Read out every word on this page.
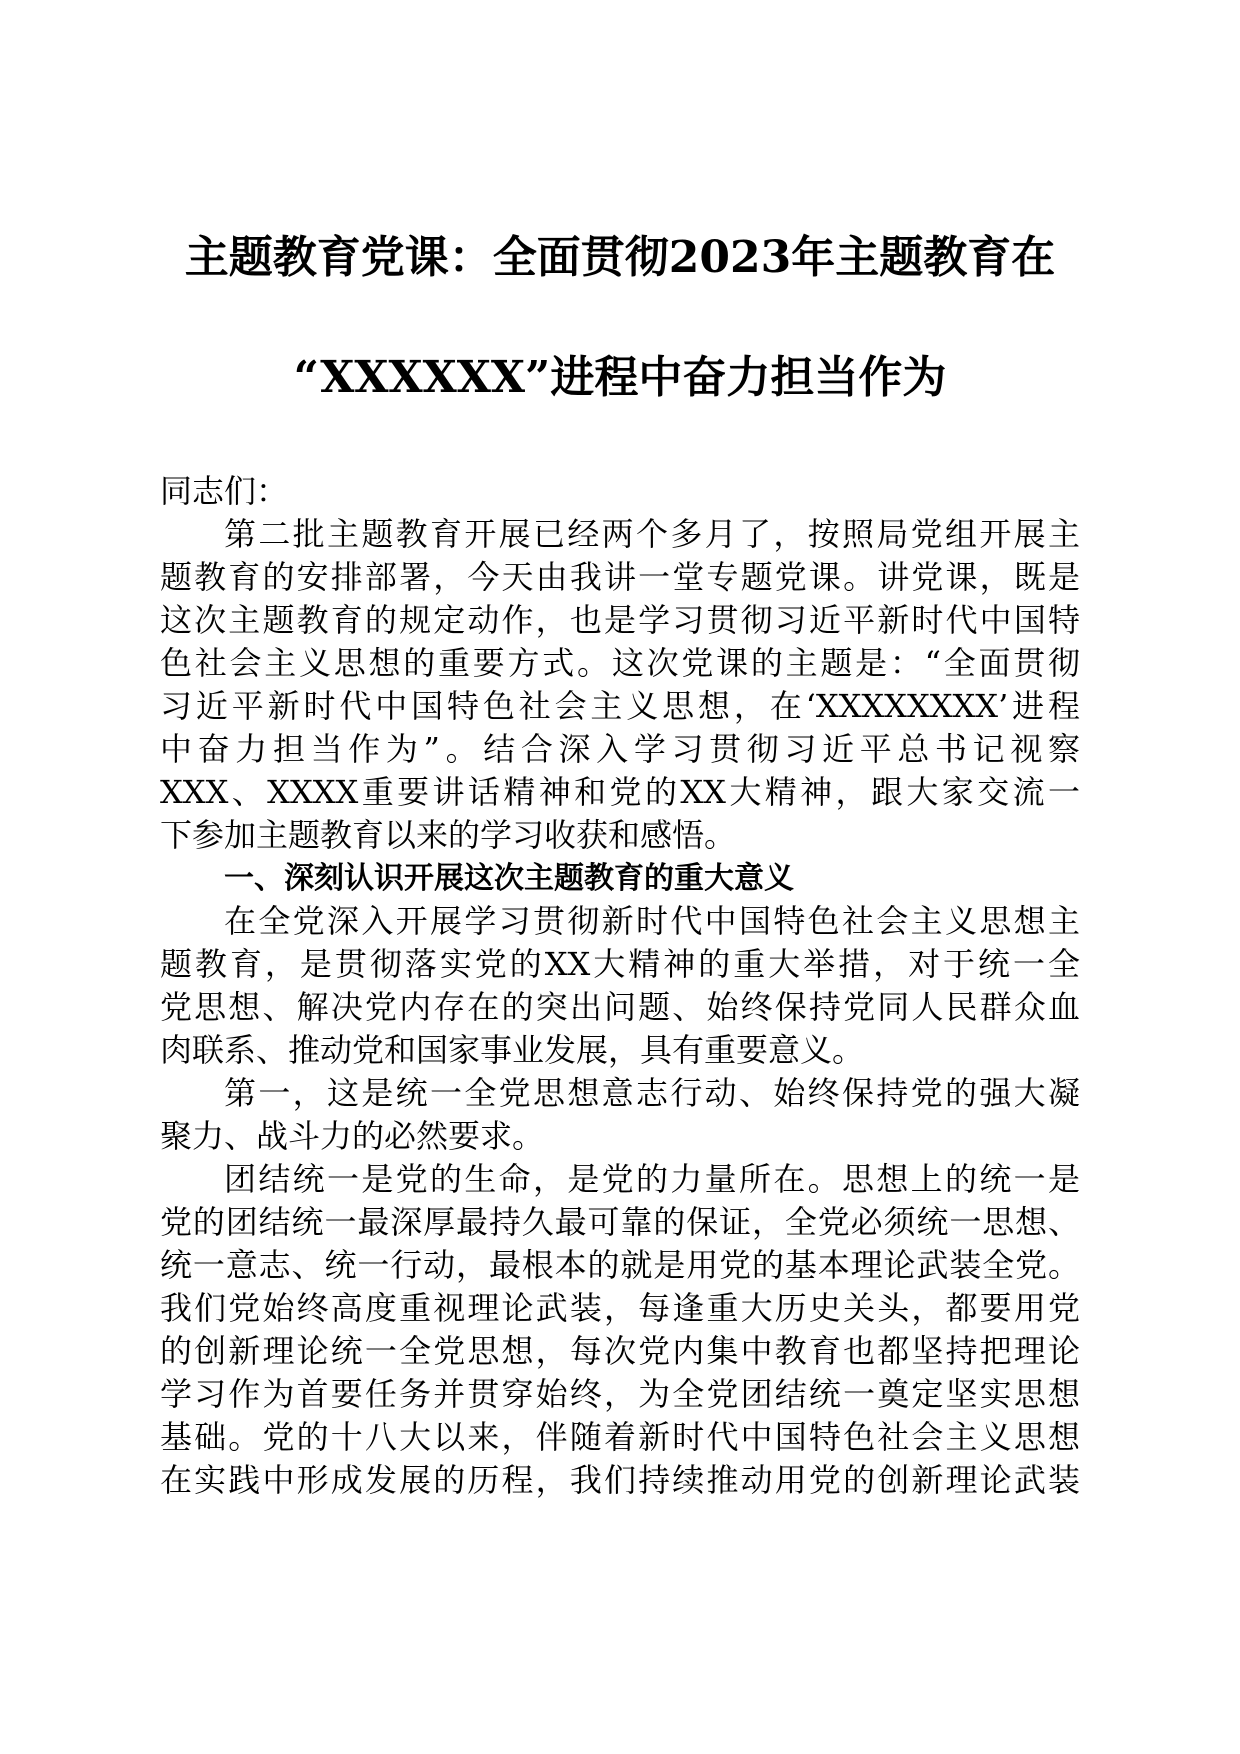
主题教育党课：全面贯彻2023年主题教育在
“XXXXXX”进程中奋力担当作为
同志们：
第二批主题教育开展已经两个多月了，按照局党组开展主
题教育的安排部署，今天由我讲一堂专题党课。讲党课，既是
这次主题教育的规定动作，也是学习贯彻习近平新时代中国特
色社会主义思想的重要方式。这次党课的主题是：“全面贯彻
习近平新时代中国特色社会主义思想，在‘XXXXXXXX’进程
中奋力担当作为”。结合深入学习贯彻习近平总书记视察
XXX、XXXX重要讲话精神和党的XX大精神，跟大家交流一
下参加主题教育以来的学习收获和感悟。
一、深刻认识开展这次主题教育的重大意义
在全党深入开展学习贯彻新时代中国特色社会主义思想主
题教育，是贯彻落实党的XX大精神的重大举措，对于统一全
党思想、解决党内存在的突出问题、始终保持党同人民群众血
肉联系、推动党和国家事业发展，具有重要意义。
第一，这是统一全党思想意志行动、始终保持党的强大凝
聚力、战斗力的必然要求。
团结统一是党的生命，是党的力量所在。思想上的统一是
党的团结统一最深厚最持久最可靠的保证，全党必须统一思想、
统一意志、统一行动，最根本的就是用党的基本理论武装全党。
我们党始终高度重视理论武装，每逢重大历史关头，都要用党
的创新理论统一全党思想，每次党内集中教育也都坚持把理论
学习作为首要任务并贯穿始终，为全党团结统一奠定坚实思想
基础。党的十八大以来，伴随着新时代中国特色社会主义思想
在实践中形成发展的历程，我们持续推动用党的创新理论武装
